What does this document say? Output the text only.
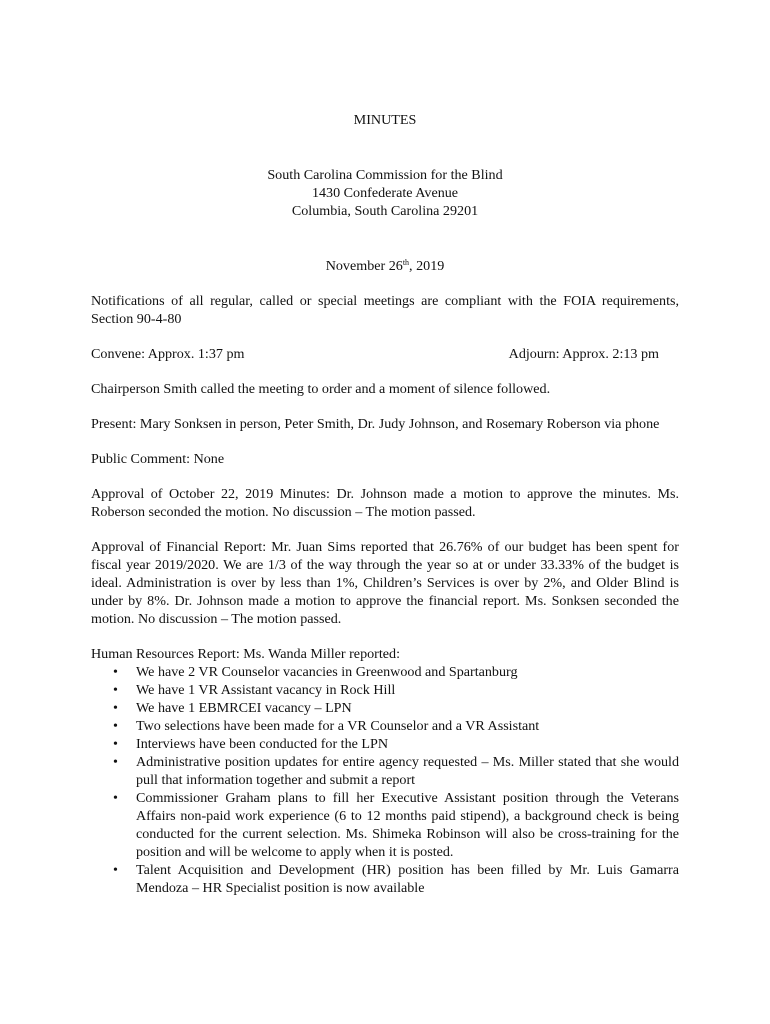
MINUTES
South Carolina Commission for the Blind
1430 Confederate Avenue
Columbia, South Carolina 29201
November 26th, 2019
Notifications of all regular, called or special meetings are compliant with the FOIA requirements, Section 90-4-80
Convene: Approx. 1:37 pm	Adjourn: Approx. 2:13 pm
Chairperson Smith called the meeting to order and a moment of silence followed.
Present: Mary Sonksen in person, Peter Smith, Dr. Judy Johnson, and Rosemary Roberson via phone
Public Comment: None
Approval of October 22, 2019 Minutes: Dr. Johnson made a motion to approve the minutes. Ms. Roberson seconded the motion. No discussion – The motion passed.
Approval of Financial Report: Mr. Juan Sims reported that 26.76% of our budget has been spent for fiscal year 2019/2020. We are 1/3 of the way through the year so at or under 33.33% of the budget is ideal. Administration is over by less than 1%, Children’s Services is over by 2%, and Older Blind is under by 8%. Dr. Johnson made a motion to approve the financial report. Ms. Sonksen seconded the motion. No discussion – The motion passed.
Human Resources Report: Ms. Wanda Miller reported:
• We have 2 VR Counselor vacancies in Greenwood and Spartanburg
• We have 1 VR Assistant vacancy in Rock Hill
• We have 1 EBMRCEI vacancy – LPN
• Two selections have been made for a VR Counselor and a VR Assistant
• Interviews have been conducted for the LPN
• Administrative position updates for entire agency requested – Ms. Miller stated that she would pull that information together and submit a report
• Commissioner Graham plans to fill her Executive Assistant position through the Veterans Affairs non-paid work experience (6 to 12 months paid stipend), a background check is being conducted for the current selection. Ms. Shimeka Robinson will also be cross-training for the position and will be welcome to apply when it is posted.
• Talent Acquisition and Development (HR) position has been filled by Mr. Luis Gamarra Mendoza – HR Specialist position is now available
